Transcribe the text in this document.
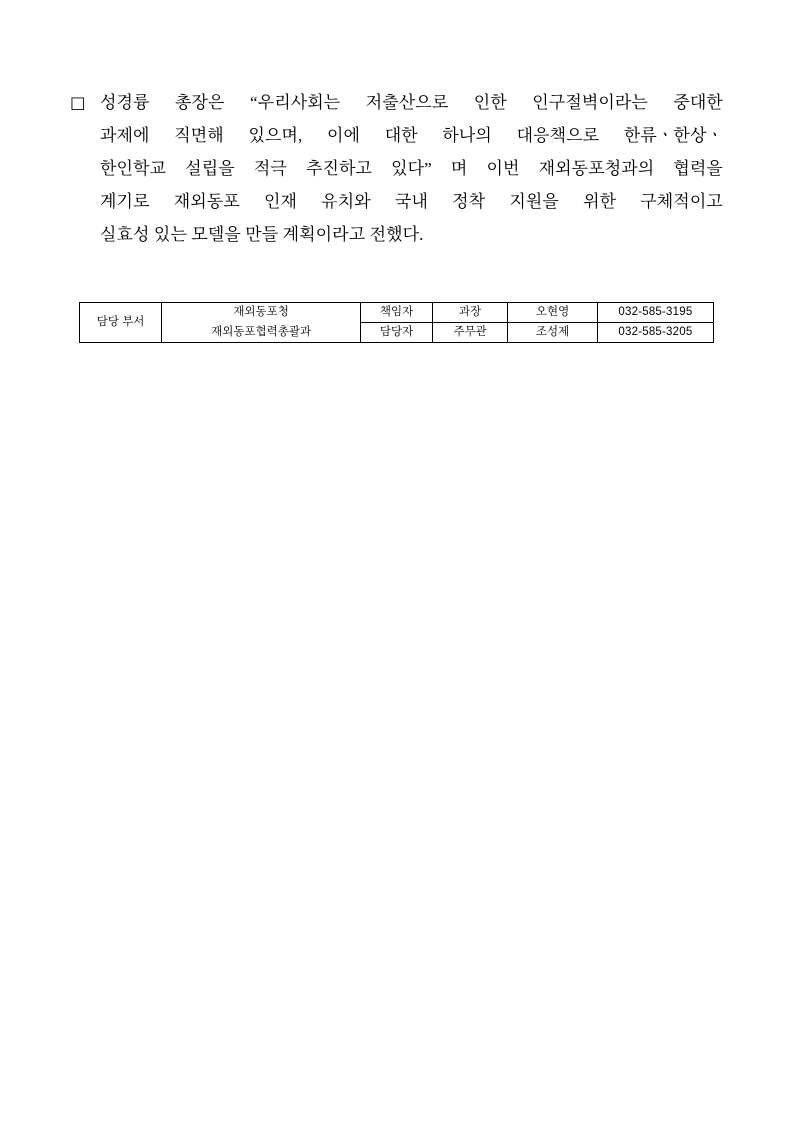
□ 성경륭 총장은 “우리사회는 저출산으로 인한 인구절벽이라는 중대한
과제에 직면해 있으며, 이에 대한 하나의 대응책으로 한류ㆍ한상ㆍ
한인학교 설립을 적극 추진하고 있다” 며 이번 재외동포청과의 협력을
계기로 재외동포 인재 유치와 국내 정착 지원을 위한 구체적이고
실효성 있는 모델을 만들 계획이라고 전했다.
담당 부서	재외동포청	책임자	과장	오현영	032-585-3195
	재외동포협력총괄과	담당자	주무관	조성제	032-585-3205
